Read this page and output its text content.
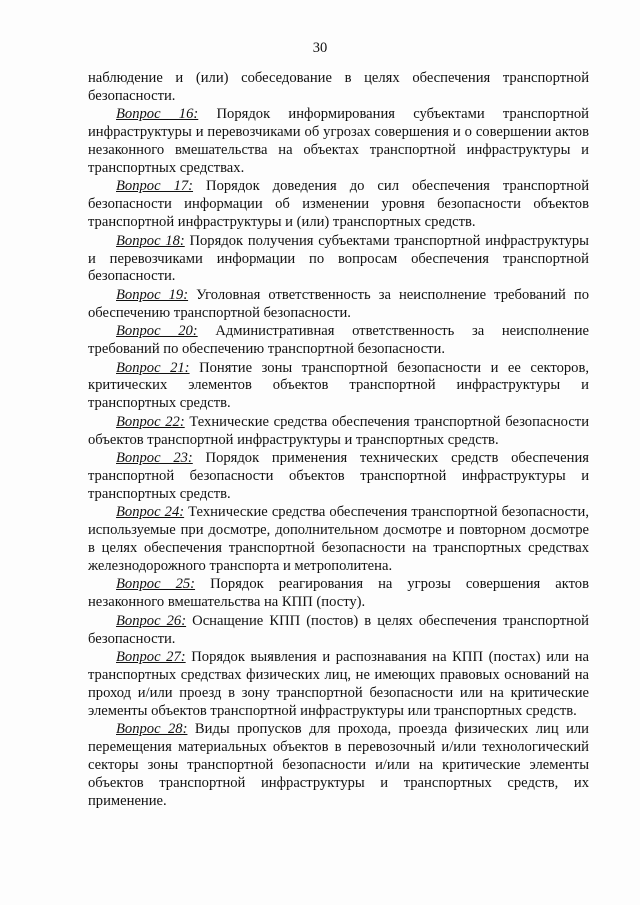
30

наблюдение и (или) собеседование в целях обеспечения транспортной безопасности.

Вопрос 16: Порядок информирования субъектами транспортной инфраструктуры и перевозчиками об угрозах совершения и о совершении актов незаконного вмешательства на объектах транспортной инфраструктуры и транспортных средствах.

Вопрос 17: Порядок доведения до сил обеспечения транспортной безопасности информации об изменении уровня безопасности объектов транспортной инфраструктуры и (или) транспортных средств.

Вопрос 18: Порядок получения субъектами транспортной инфраструктуры и перевозчиками информации по вопросам обеспечения транспортной безопасности.

Вопрос 19: Уголовная ответственность за неисполнение требований по обеспечению транспортной безопасности.

Вопрос 20: Административная ответственность за неисполнение требований по обеспечению транспортной безопасности.

Вопрос 21: Понятие зоны транспортной безопасности и ее секторов, критических элементов объектов транспортной инфраструктуры и транспортных средств.

Вопрос 22: Технические средства обеспечения транспортной безопасности объектов транспортной инфраструктуры и транспортных средств.

Вопрос 23: Порядок применения технических средств обеспечения транспортной безопасности объектов транспортной инфраструктуры и транспортных средств.

Вопрос 24: Технические средства обеспечения транспортной безопасности, используемые при досмотре, дополнительном досмотре и повторном досмотре в целях обеспечения транспортной безопасности на транспортных средствах железнодорожного транспорта и метрополитена.

Вопрос 25: Порядок реагирования на угрозы совершения актов незаконного вмешательства на КПП (посту).

Вопрос 26: Оснащение КПП (постов) в целях обеспечения транспортной безопасности.

Вопрос 27: Порядок выявления и распознавания на КПП (постах) или на транспортных средствах физических лиц, не имеющих правовых оснований на проход и/или проезд в зону транспортной безопасности или на критические элементы объектов транспортной инфраструктуры или транспортных средств.

Вопрос 28: Виды пропусков для прохода, проезда физических лиц или перемещения материальных объектов в перевозочный и/или технологический секторы зоны транспортной безопасности и/или на критические элементы объектов транспортной инфраструктуры и транспортных средств, их применение.
